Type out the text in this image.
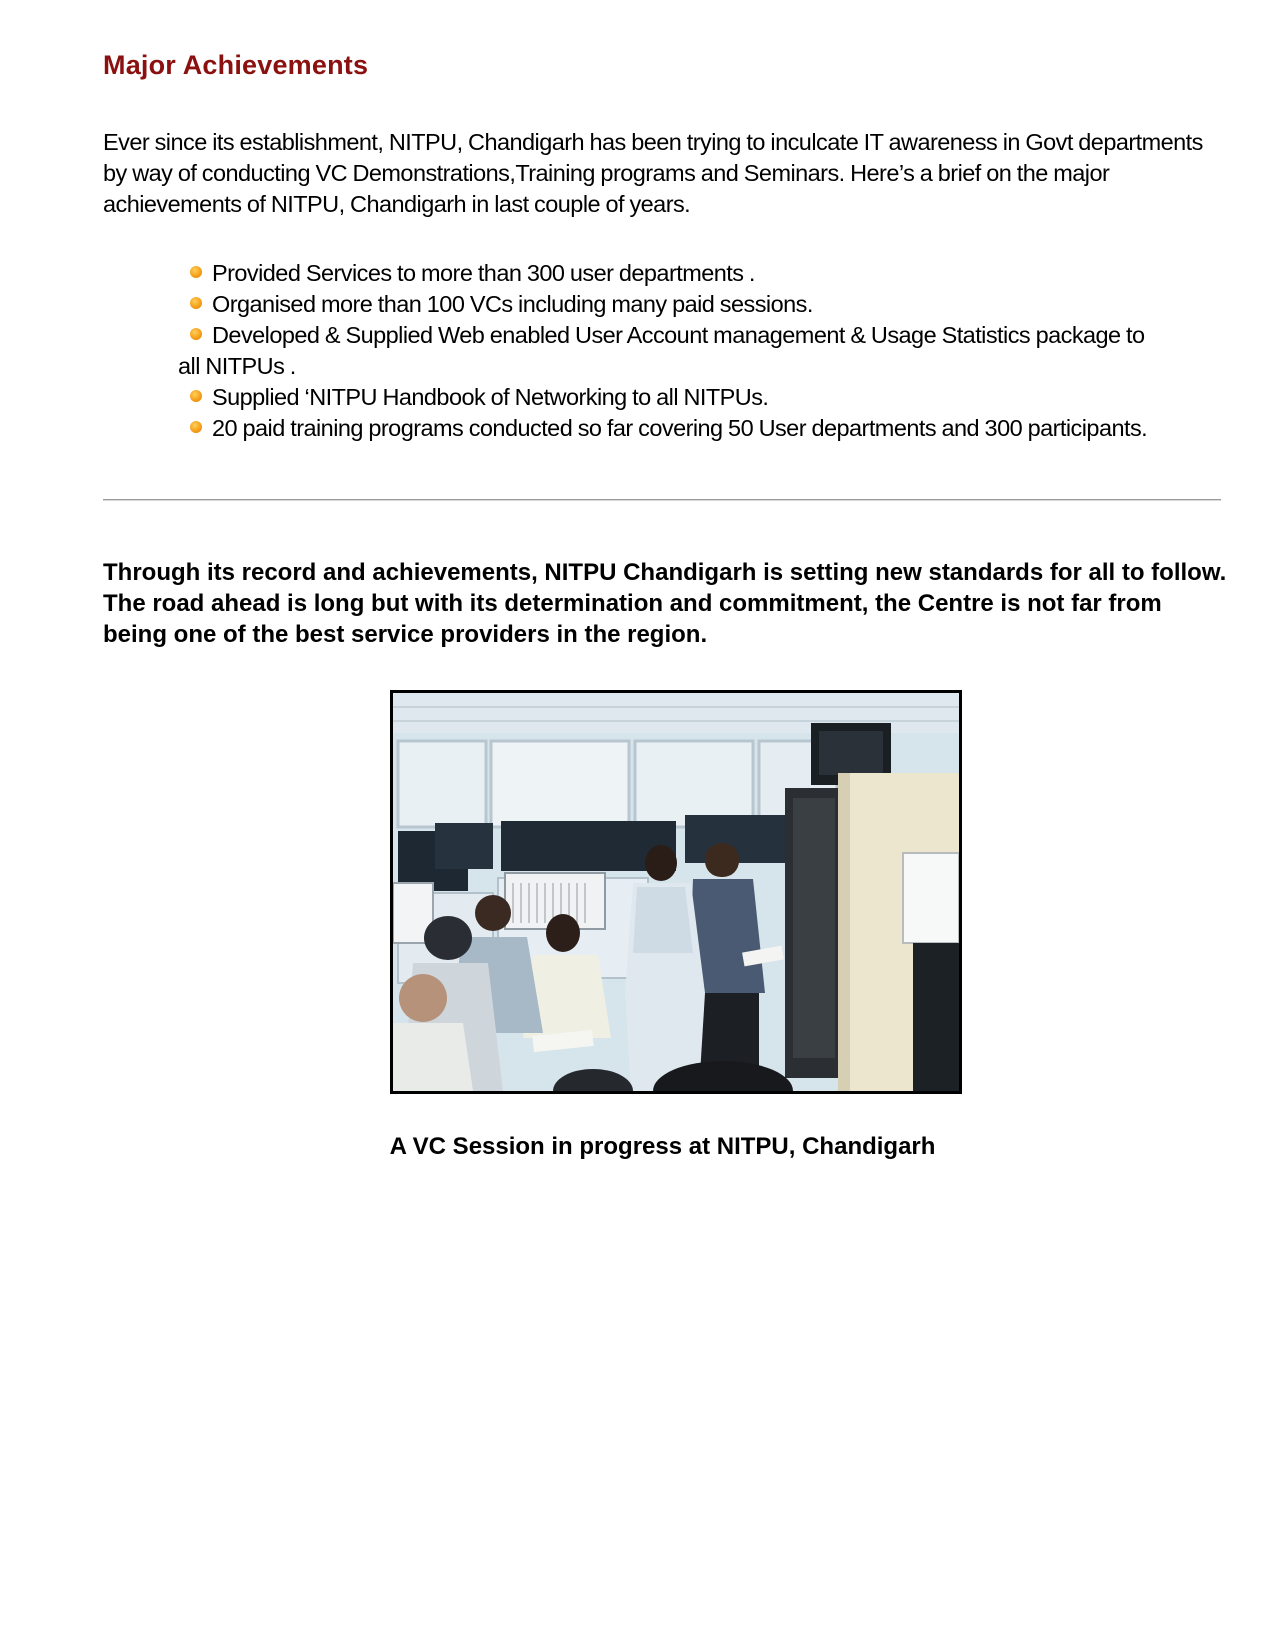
Major Achievements

Ever since its establishment, NITPU, Chandigarh has been trying to inculcate IT awareness in Govt departments by way of conducting VC Demonstrations,Training programs and Seminars. Here’s a brief on the major achievements of NITPU, Chandigarh in last couple of years.

Provided Services to more than 300 user departments .
Organised more than 100 VCs including many paid sessions.
Developed & Supplied Web enabled User Account management & Usage Statistics package to all NITPUs .
Supplied ‘NITPU Handbook of Networking to all NITPUs.
20 paid training programs conducted so far covering 50 User departments and 300 participants.

Through its record and achievements, NITPU Chandigarh is setting new standards for all to follow. The road ahead is long but with its determination and commitment, the Centre is not far from being one of the best service providers in the region.

A VC Session in progress at NITPU, Chandigarh
